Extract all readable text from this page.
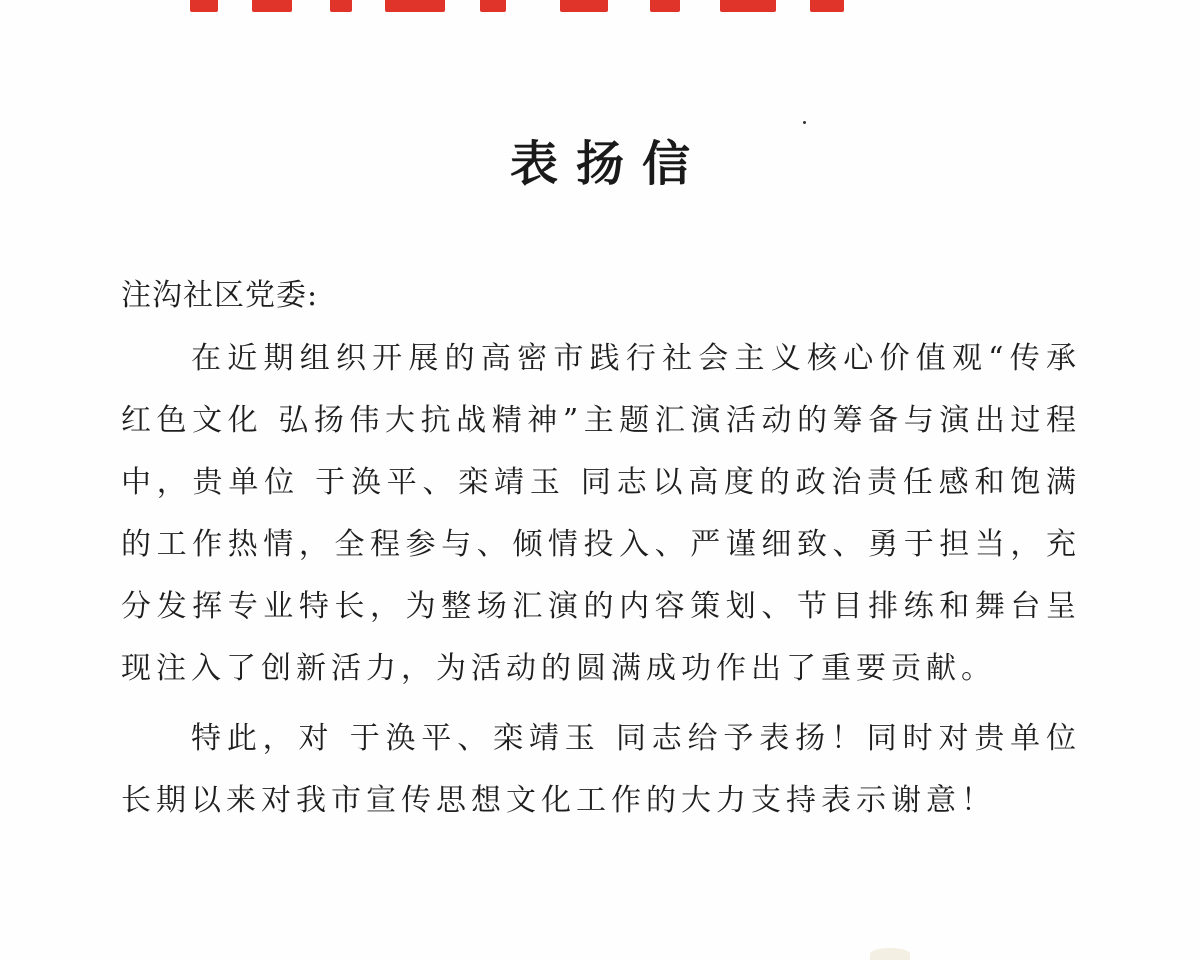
表扬信
注沟社区党委:

在近期组织开展的高密市践行社会主义核心价值观“传承红色文化 弘扬伟大抗战精神”主题汇演活动的筹备与演出过程中，贵单位 于涣平、栾靖玉 同志以高度的政治责任感和饱满的工作热情，全程参与、倾情投入、严谨细致、勇于担当，充分发挥专业特长，为整场汇演的内容策划、节目排练和舞台呈现注入了创新活力，为活动的圆满成功作出了重要贡献。

特此，对 于涣平、栾靖玉 同志给予表扬！同时对贵单位长期以来对我市宣传思想文化工作的大力支持表示谢意！
